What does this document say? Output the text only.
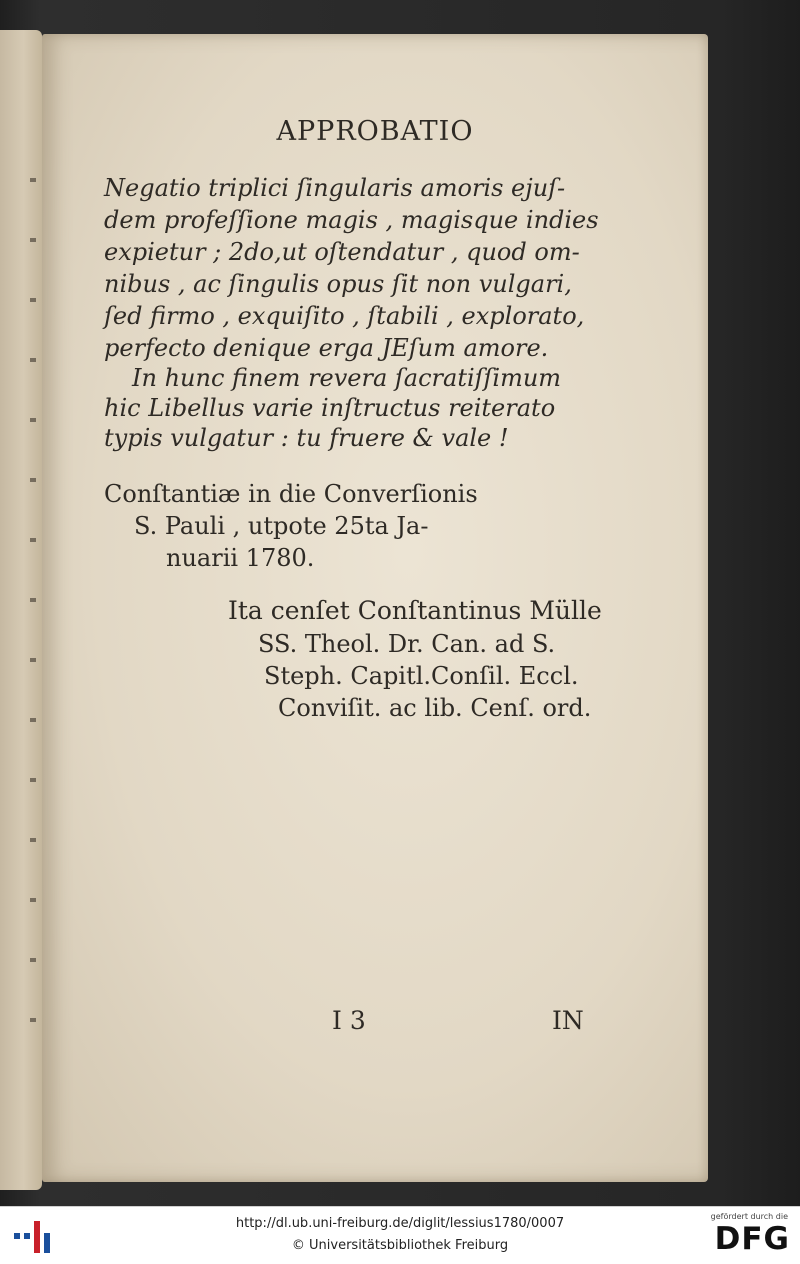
APPROBATIO
Negatio triplici ſingularis amoris ejuſ-
dem profeſſione magis , magisque indies
expietur ; 2do,ut oſtendatur , quod om-
nibus , ac ſingulis opus ſit non vulgari,
ſed firmo , exquiſito , ſtabili , explorato,
perfecto denique erga JEſum amore.
In hunc finem revera ſacratiſſimum
hic Libellus varie inſtructus reiterato
typis vulgatur : tu fruere & vale !
Conſtantiæ in die Converſionis
S. Pauli , utpote 25ta Ja-
nuarii 1780.
Ita cenſet Conſtantinus Mülle
SS. Theol. Dr. Can. ad S.
Steph. Capitl.Conſil. Eccl.
Conviſit. ac lib. Cenſ. ord.
I 3	IN
http://dl.ub.uni-freiburg.de/diglit/lessius1780/0007
© Universitätsbibliothek Freiburg
gefördert durch die
DFG
